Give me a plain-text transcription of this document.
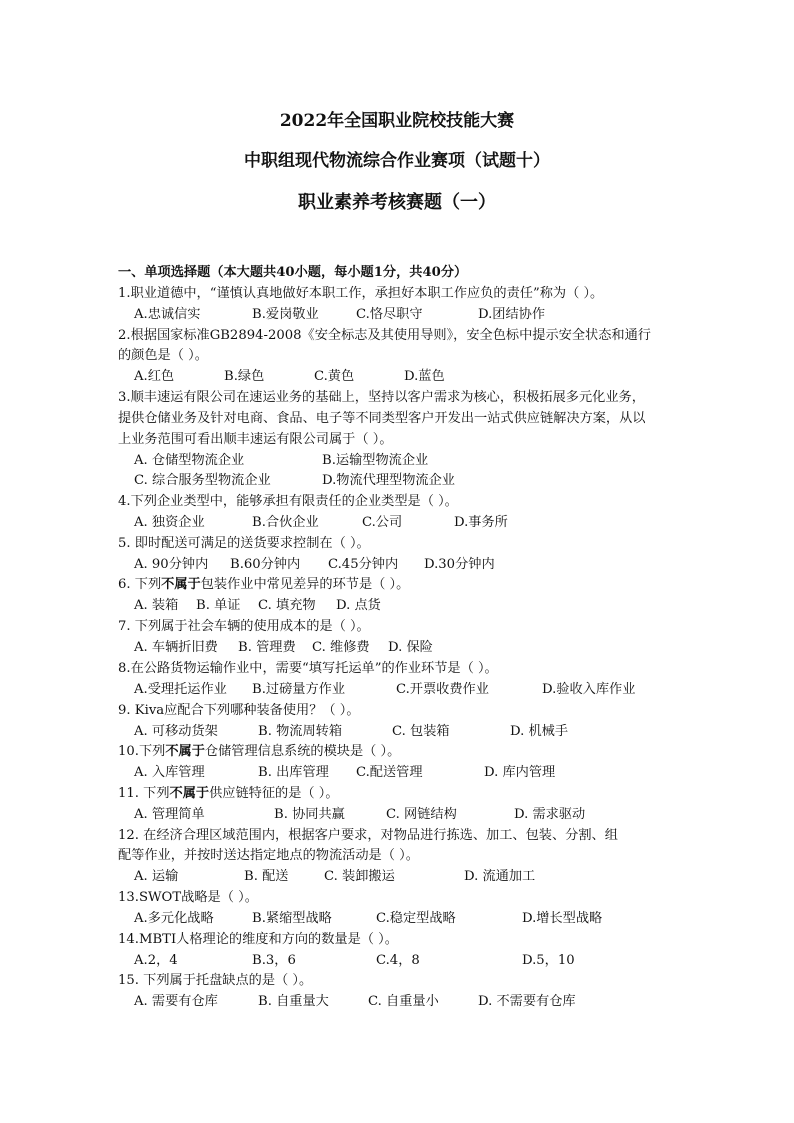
2022年全国职业院校技能大赛
中职组现代物流综合作业赛项（试题十）
职业素养考核赛题（一）
一、单项选择题（本大题共40小题，每小题1分，共40分）
1.职业道德中，“谨慎认真地做好本职工作，承担好本职工作应负的责任”称为（ ）。
A.忠诚信实	B.爱岗敬业	C.恪尽职守	D.团结协作
2.根据国家标准GB2894-2008《安全标志及其使用导则》，安全色标中提示安全状态和通行
的颜色是（ ）。
A.红色	B.绿色	C.黄色	D.蓝色
3.顺丰速运有限公司在速运业务的基础上，坚持以客户需求为核心，积极拓展多元化业务，
提供仓储业务及针对电商、食品、电子等不同类型客户开发出一站式供应链解决方案，从以
上业务范围可看出顺丰速运有限公司属于（ ）。
A. 仓储型物流企业	B.运输型物流企业
C. 综合服务型物流企业	D.物流代理型物流企业
4.下列企业类型中，能够承担有限责任的企业类型是（ ）。
A. 独资企业	B.合伙企业	C.公司	D.事务所
5. 即时配送可满足的送货要求控制在（ ）。
A. 90分钟内 B.60分钟内 C.45分钟内 D.30分钟内
6. 下列不属于包装作业中常见差异的环节是（ ）。
A. 装箱 B. 单证 C. 填充物 D. 点货
7. 下列属于社会车辆的使用成本的是（ ）。
A. 车辆折旧费 B. 管理费 C. 维修费 D. 保险
8.在公路货物运输作业中，需要“填写托运单”的作业环节是（ ）。
A.受理托运作业 B.过磅量方作业	C.开票收费作业	D.验收入库作业
9. Kiva应配合下列哪种装备使用？（ ）。
A. 可移动货架	B. 物流周转箱	C. 包装箱	D. 机械手
10.下列不属于仓储管理信息系统的模块是（ ）。
A. 入库管理	B. 出库管理 C.配送管理	D. 库内管理
11. 下列不属于供应链特征的是（ ）。
A. 管理简单	B. 协同共赢	C. 网链结构	D. 需求驱动
12. 在经济合理区域范围内，根据客户要求，对物品进行拣选、加工、包装、分割、组
配等作业，并按时送达指定地点的物流活动是（ ）。
A. 运输	B. 配送	C. 装卸搬运	D. 流通加工
13.SWOT战略是（ ）。
A.多元化战略	B.紧缩型战略	C.稳定型战略	D.增长型战略
14.MBTI人格理论的维度和方向的数量是（ ）。
A.2，4	B.3，6	C.4，8	D.5，10
15. 下列属于托盘缺点的是（ ）。
A. 需要有仓库	B. 自重量大	C. 自重量小	D. 不需要有仓库
